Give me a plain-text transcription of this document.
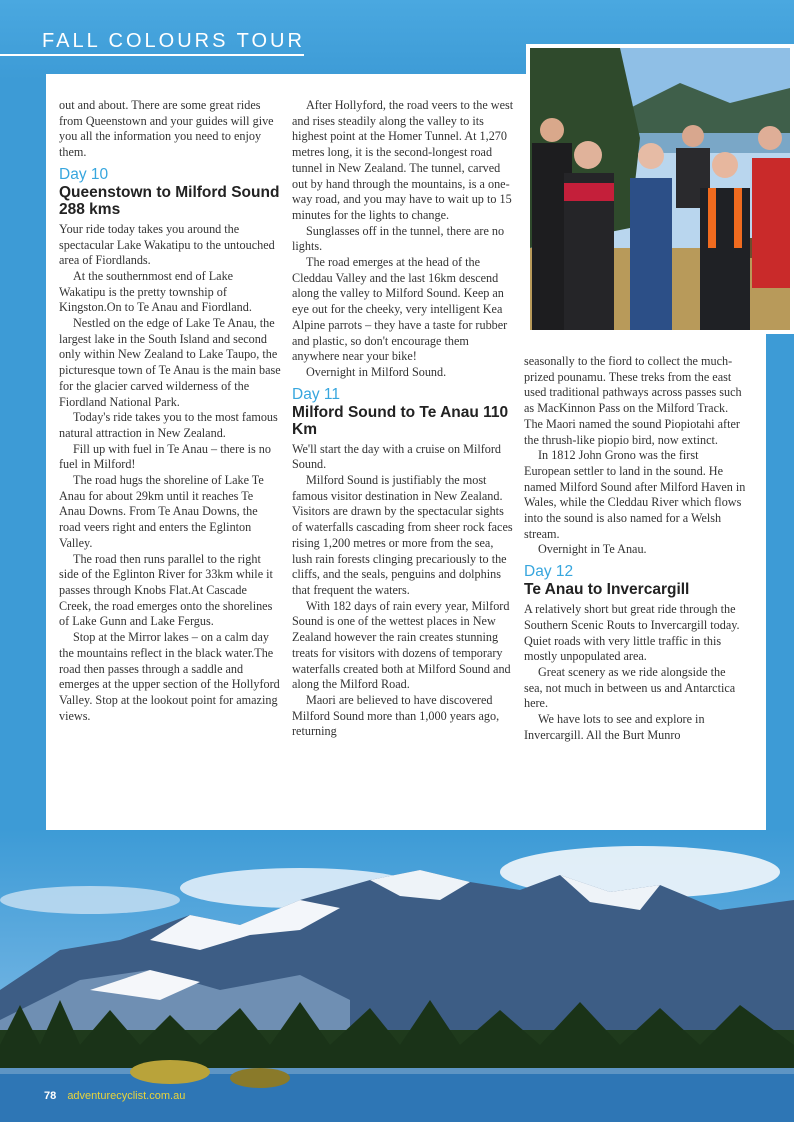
FALL COLOURS TOUR

out and about. There are some great rides from Queenstown and your guides will give you all the information you need to enjoy them.

Day 10
Queenstown to Milford Sound 288 kms

Your ride today takes you around the spectacular Lake Wakatipu to the untouched area of Fiordlands.

At the southernmost end of Lake Wakatipu is the pretty township of Kingston.On to Te Anau and Fiordland.

Nestled on the edge of Lake Te Anau, the largest lake in the South Island and second only within New Zealand to Lake Taupo, the picturesque town of Te Anau is the main base for the glacier carved wilderness of the Fiordland National Park.

Today's ride takes you to the most famous natural attraction in New Zealand.

Fill up with fuel in Te Anau – there is no fuel in Milford!

The road hugs the shoreline of Lake Te Anau for about 29km until it reaches Te Anau Downs. From Te Anau Downs, the road veers right and enters the Eglinton Valley.

The road then runs parallel to the right side of the Eglinton River for 33km while it passes through Knobs Flat.At Cascade Creek, the road emerges onto the shorelines of Lake Gunn and Lake Fergus.

Stop at the Mirror lakes – on a calm day the mountains reflect in the black water.The road then passes through a saddle and emerges at the upper section of the Hollyford Valley. Stop at the lookout point for amazing views.

After Hollyford, the road veers to the west and rises steadily along the valley to its highest point at the Homer Tunnel. At 1,270 metres long, it is the second-longest road tunnel in New Zealand. The tunnel, carved out by hand through the mountains, is a one-way road, and you may have to wait up to 15 minutes for the lights to change.

Sunglasses off in the tunnel, there are no lights.

The road emerges at the head of the Cleddau Valley and the last 16km descend along the valley to Milford Sound. Keep an eye out for the cheeky, very intelligent Kea Alpine parrots – they have a taste for rubber and plastic, so don't encourage them anywhere near your bike!

Overnight in Milford Sound.

Day 11
Milford Sound to Te Anau 110 Km

We'll start the day with a cruise on Milford Sound.

Milford Sound is justifiably the most famous visitor destination in New Zealand. Visitors are drawn by the spectacular sights of waterfalls cascading from sheer rock faces rising 1,200 metres or more from the sea, lush rain forests clinging precariously to the cliffs, and the seals, penguins and dolphins that frequent the waters.

With 182 days of rain every year, Milford Sound is one of the wettest places in New Zealand however the rain creates stunning treats for visitors with dozens of temporary waterfalls created both at Milford Sound and along the Milford Road.

Maori are believed to have discovered Milford Sound more than 1,000 years ago, returning

seasonally to the fiord to collect the much-prized pounamu. These treks from the east used traditional pathways across passes such as MacKinnon Pass on the Milford Track. The Maori named the sound Piopiotahi after the thrush-like piopio bird, now extinct.

In 1812 John Grono was the first European settler to land in the sound. He named Milford Sound after Milford Haven in Wales, while the Cleddau River which flows into the sound is also named for a Welsh stream.

Overnight in Te Anau.

Day 12
Te Anau to Invercargill

A relatively short but great ride through the Southern Scenic Routs to Invercargill today. Quiet roads with very little traffic in this mostly unpopulated area.

Great scenery as we ride alongside the sea, not much in between us and Antarctica here.

We have lots to see and explore in Invercargill. All the Burt Munro

78 adventurecyclist.com.au
